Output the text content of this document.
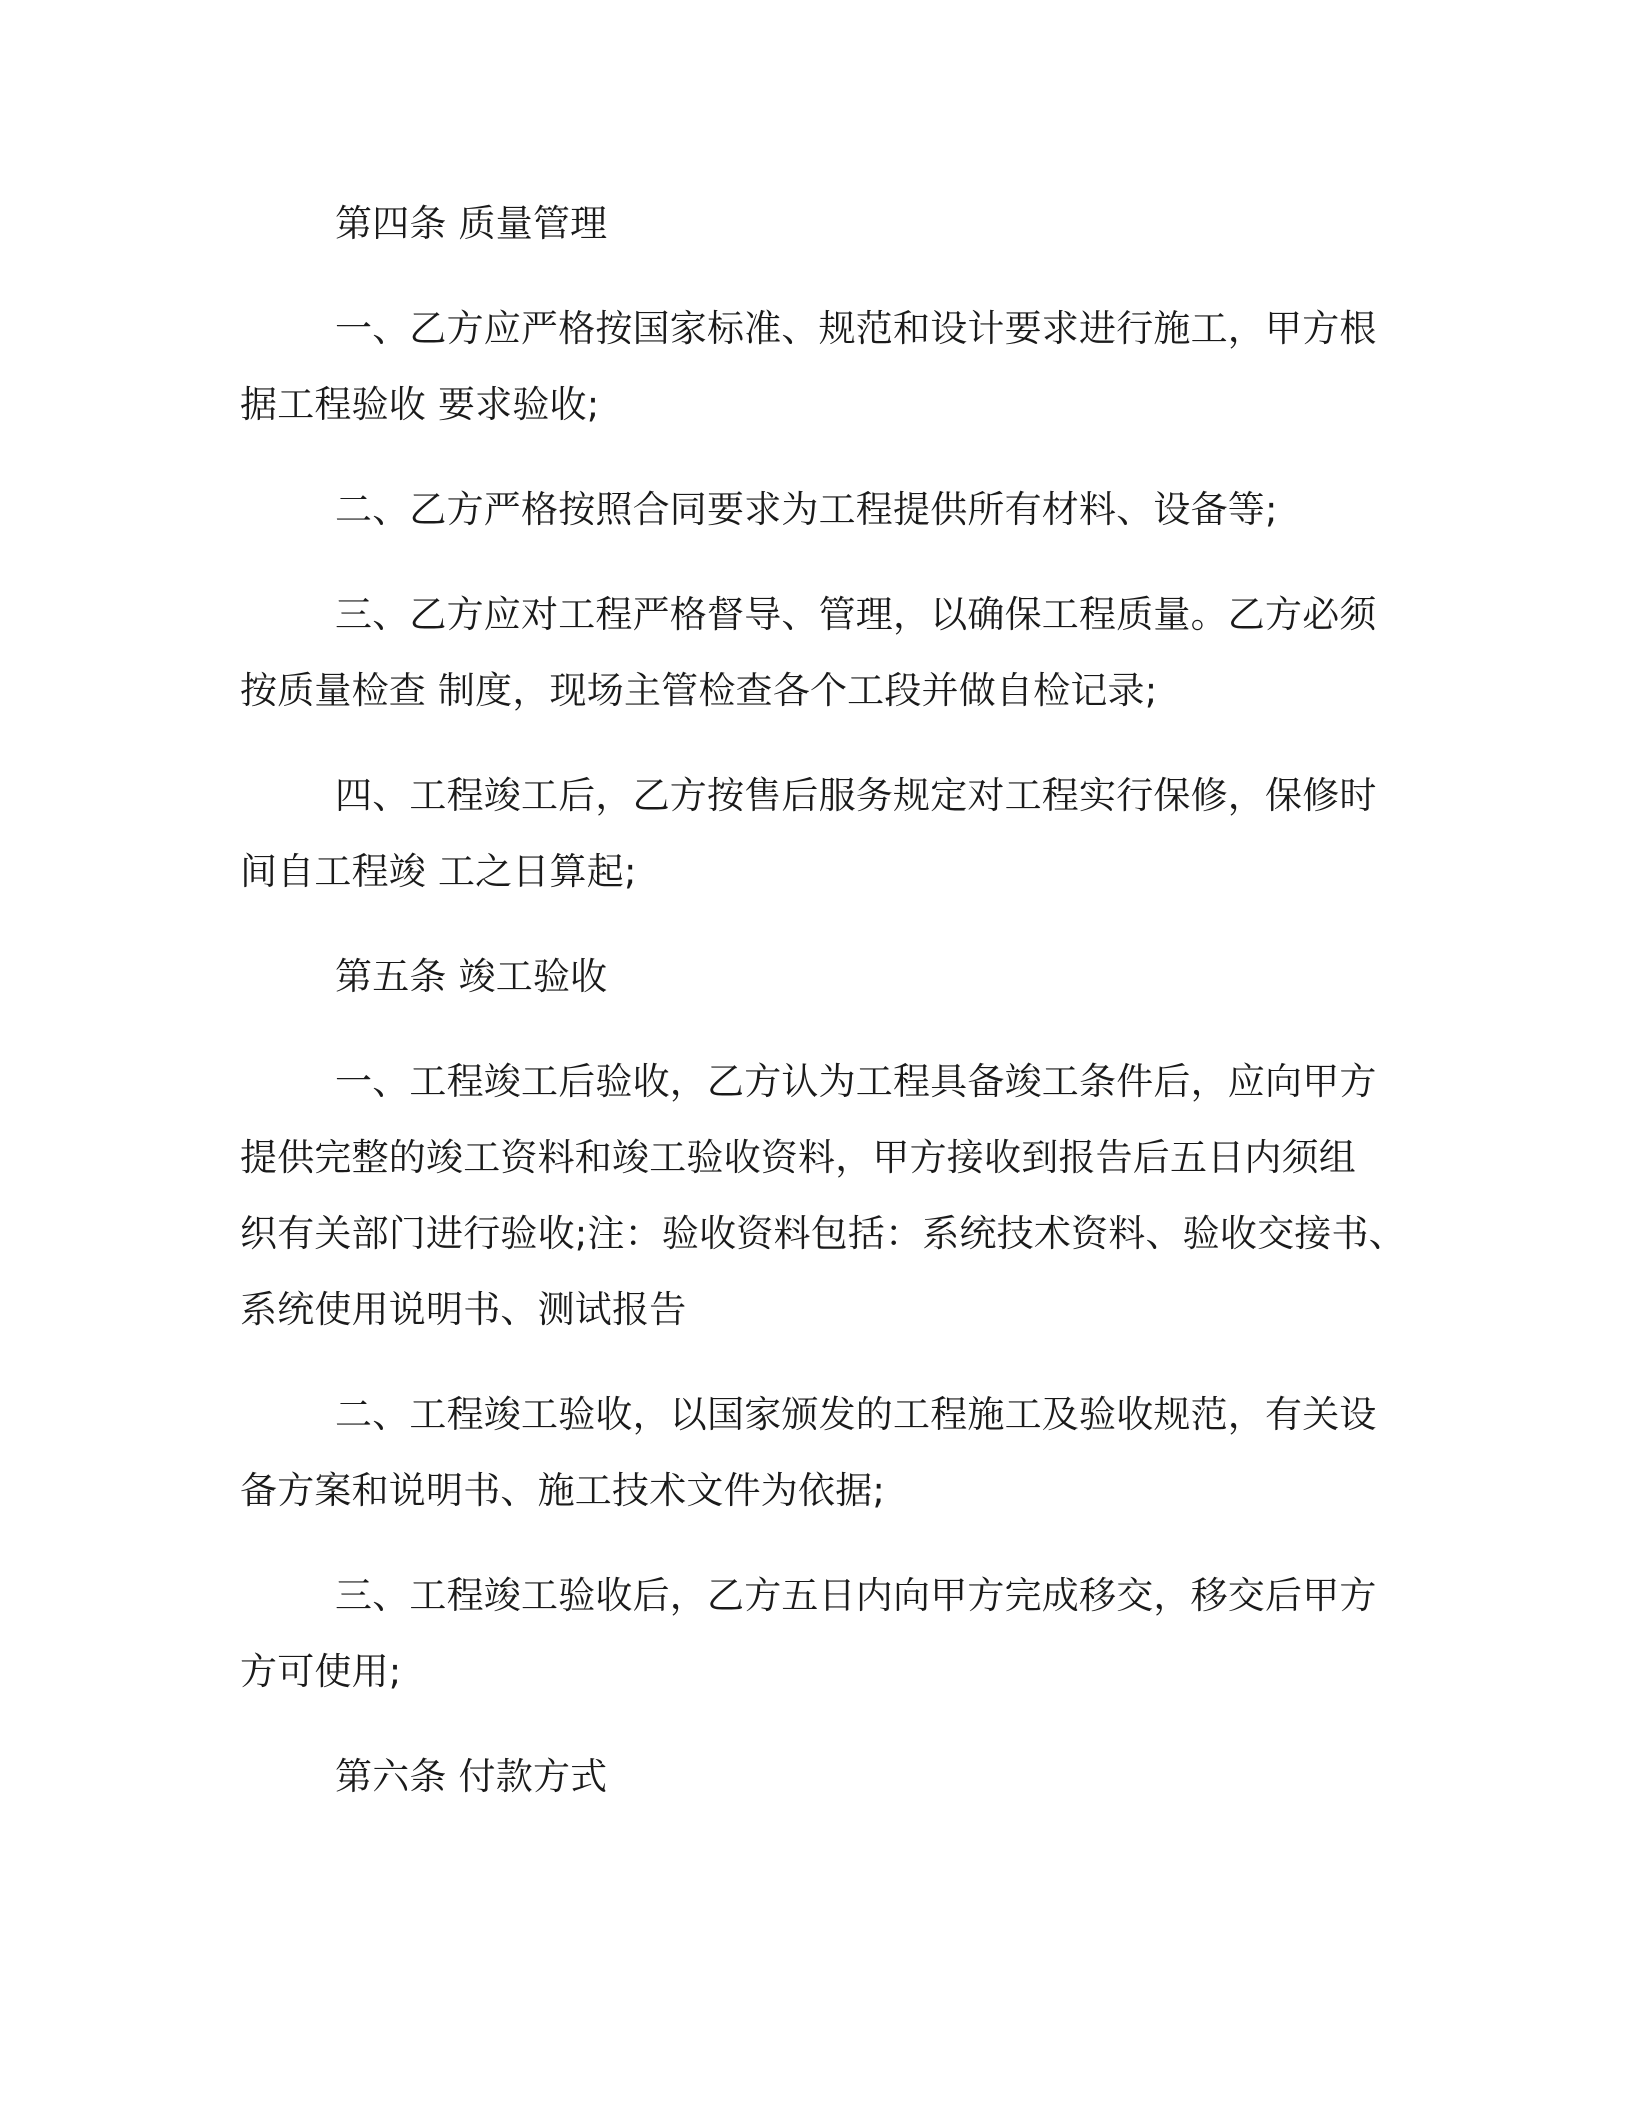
第四条 质量管理
一、乙方应严格按国家标准、规范和设计要求进行施工，甲方根
据工程验收 要求验收;
二、乙方严格按照合同要求为工程提供所有材料、设备等;
三、乙方应对工程严格督导、管理，以确保工程质量。乙方必须
按质量检查 制度，现场主管检查各个工段并做自检记录;
四、工程竣工后，乙方按售后服务规定对工程实行保修，保修时
间自工程竣 工之日算起;
第五条 竣工验收
一、工程竣工后验收，乙方认为工程具备竣工条件后，应向甲方
提供完整的竣工资料和竣工验收资料，甲方接收到报告后五日内须组
织有关部门进行验收;注：验收资料包括：系统技术资料、验收交接书、
系统使用说明书、测试报告
二、工程竣工验收，以国家颁发的工程施工及验收规范，有关设
备方案和说明书、施工技术文件为依据;
三、工程竣工验收后，乙方五日内向甲方完成移交，移交后甲方
方可使用;
第六条 付款方式
